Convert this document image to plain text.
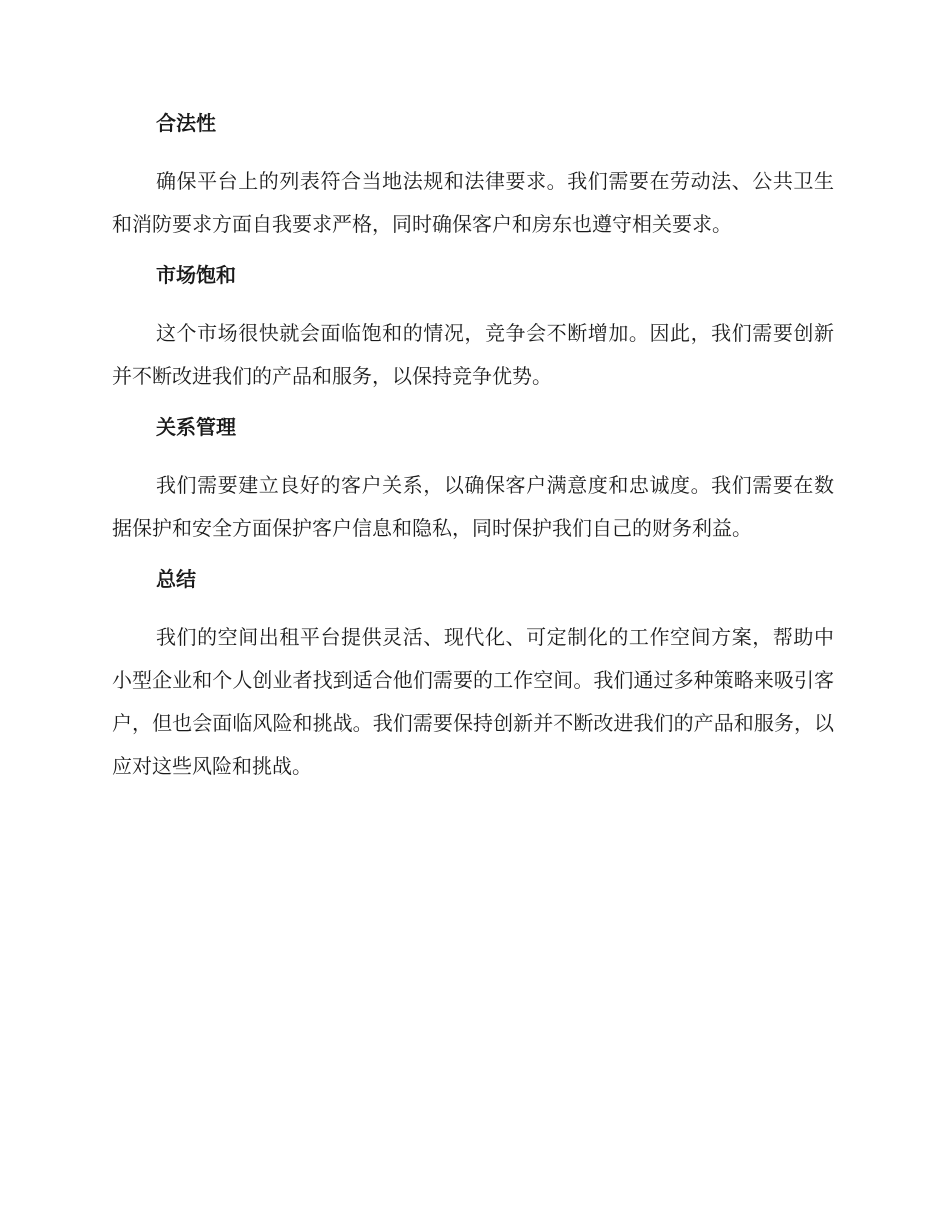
合法性

确保平台上的列表符合当地法规和法律要求。我们需要在劳动法、公共卫生和消防要求方面自我要求严格，同时确保客户和房东也遵守相关要求。

市场饱和

这个市场很快就会面临饱和的情况，竞争会不断增加。因此，我们需要创新并不断改进我们的产品和服务，以保持竞争优势。

关系管理

我们需要建立良好的客户关系，以确保客户满意度和忠诚度。我们需要在数据保护和安全方面保护客户信息和隐私，同时保护我们自己的财务利益。

总结

我们的空间出租平台提供灵活、现代化、可定制化的工作空间方案，帮助中小型企业和个人创业者找到适合他们需要的工作空间。我们通过多种策略来吸引客户，但也会面临风险和挑战。我们需要保持创新并不断改进我们的产品和服务，以应对这些风险和挑战。
